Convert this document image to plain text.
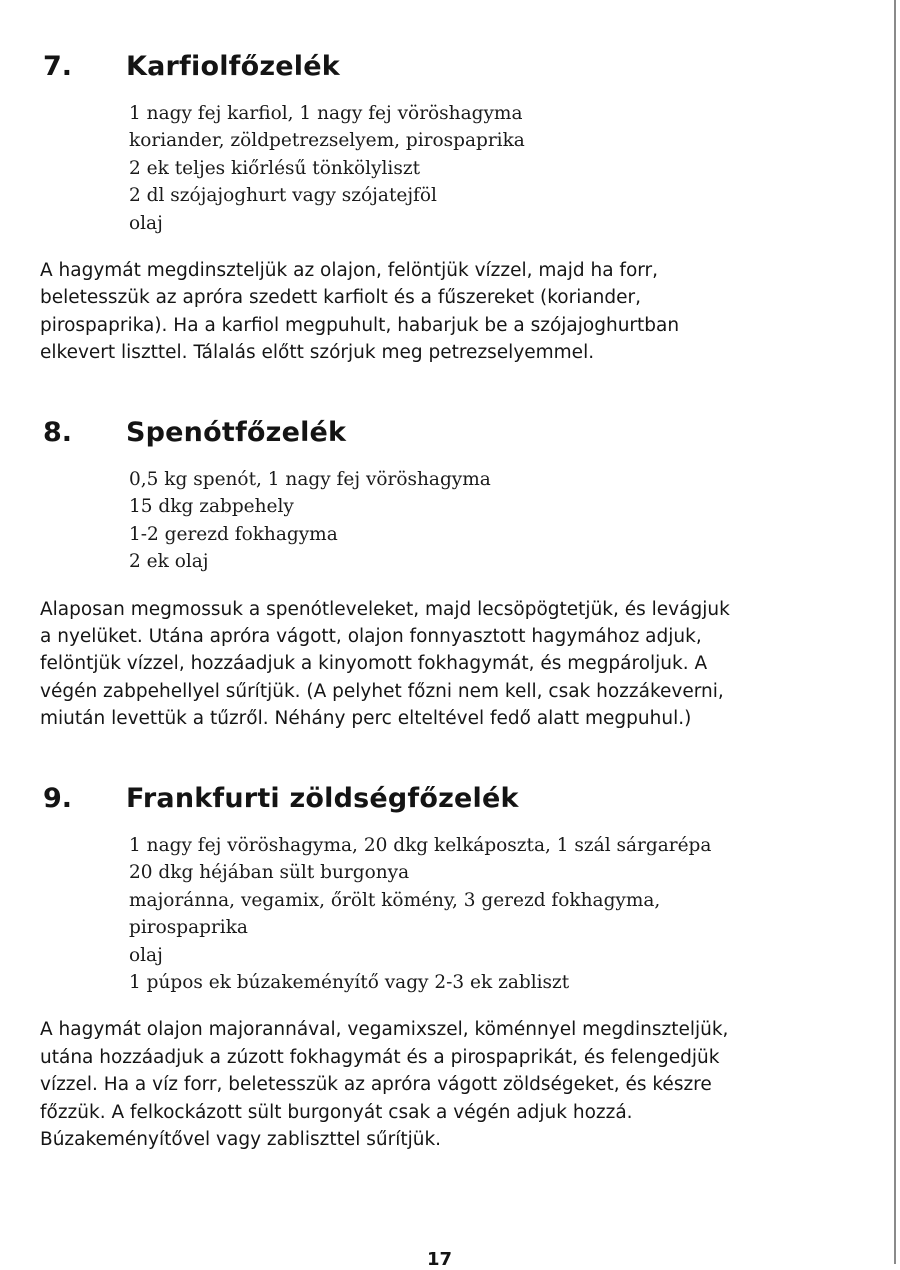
7. Karfiolfőzelék
1 nagy fej karfiol, 1 nagy fej vöröshagyma
koriander, zöldpetrezselyem, pirospaprika
2 ek teljes kiőrlésű tönkölyliszt
2 dl szójajoghurt vagy szójatejföl
olaj

A hagymát megdinszteljük az olajon, felöntjük vízzel, majd ha forr,
beletesszük az apróra szedett karfiolt és a fűszereket (koriander,
pirospaprika). Ha a karfiol megpuhult, habarjuk be a szójajoghurtban
elkevert liszttel. Tálalás előtt szórjuk meg petrezselyemmel.

8. Spenótfőzelék
0,5 kg spenót, 1 nagy fej vöröshagyma
15 dkg zabpehely
1-2 gerezd fokhagyma
2 ek olaj

Alaposan megmossuk a spenótleveleket, majd lecsöpögtetjük, és levágjuk
a nyelüket. Utána apróra vágott, olajon fonnyasztott hagymához adjuk,
felöntjük vízzel, hozzáadjuk a kinyomott fokhagymát, és megpároljuk. A
végén zabpehellyel sűrítjük. (A pelyhet főzni nem kell, csak hozzákeverni,
miután levettük a tűzről. Néhány perc elteltével fedő alatt megpuhul.)

9. Frankfurti zöldségfőzelék
1 nagy fej vöröshagyma, 20 dkg kelkáposzta, 1 szál sárgarépa
20 dkg héjában sült burgonya
majoránna, vegamix, őrölt kömény, 3 gerezd fokhagyma,
pirospaprika
olaj
1 púpos ek búzakeményítő vagy 2-3 ek zabliszt

A hagymát olajon majorannával, vegamixszel, köménnyel megdinszteljük,
utána hozzáadjuk a zúzott fokhagymát és a pirospaprikát, és felengedjük
vízzel. Ha a víz forr, beletesszük az apróra vágott zöldségeket, és készre
főzzük. A felkockázott sült burgonyát csak a végén adjuk hozzá.
Búzakeményítővel vagy zabliszttel sűrítjük.

17
